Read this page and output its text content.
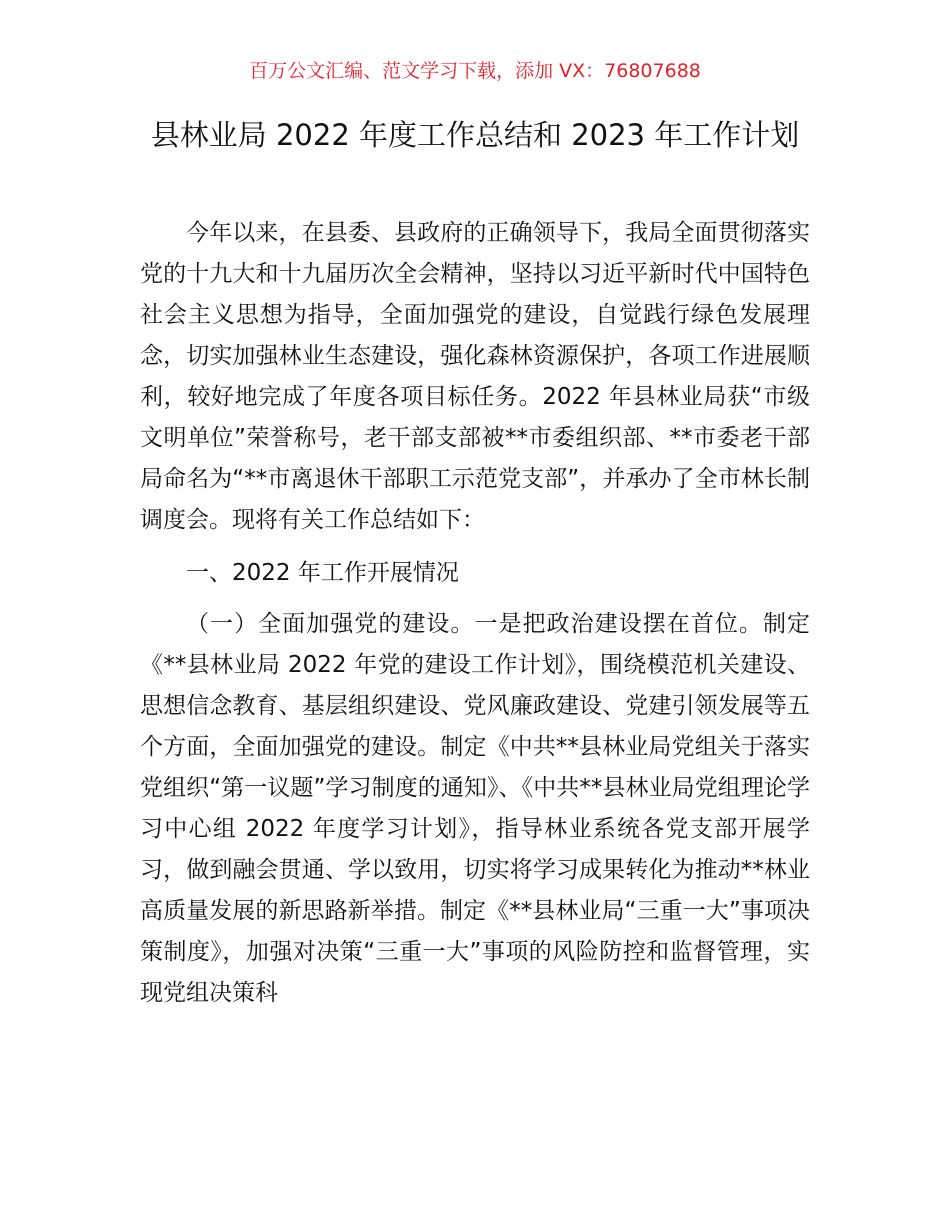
百万公文汇编、范文学习下载，添加 VX：76807688
县林业局 2022 年度工作总结和 2023 年工作计划

今年以来，在县委、县政府的正确领导下，我局全面贯彻落实党的十九大和十九届历次全会精神，坚持以习近平新时代中国特色社会主义思想为指导，全面加强党的建设，自觉践行绿色发展理念，切实加强林业生态建设，强化森林资源保护，各项工作进展顺利，较好地完成了年度各项目标任务。2022 年县林业局获“市级文明单位”荣誉称号，老干部支部被**市委组织部、**市委老干部局命名为“**市离退休干部职工示范党支部”，并承办了全市林长制调度会。现将有关工作总结如下：

一、2022 年工作开展情况

（一）全面加强党的建设。一是把政治建设摆在首位。制定《**县林业局 2022 年党的建设工作计划》，围绕模范机关建设、思想信念教育、基层组织建设、党风廉政建设、党建引领发展等五个方面，全面加强党的建设。制定《中共**县林业局党组关于落实党组织“第一议题”学习制度的通知》、《中共**县林业局党组理论学习中心组 2022 年度学习计划》，指导林业系统各党支部开展学习，做到融会贯通、学以致用，切实将学习成果转化为推动**林业高质量发展的新思路新举措。制定《**县林业局“三重一大”事项决策制度》，加强对决策“三重一大”事项的风险防控和监督管理，实现党组决策科
